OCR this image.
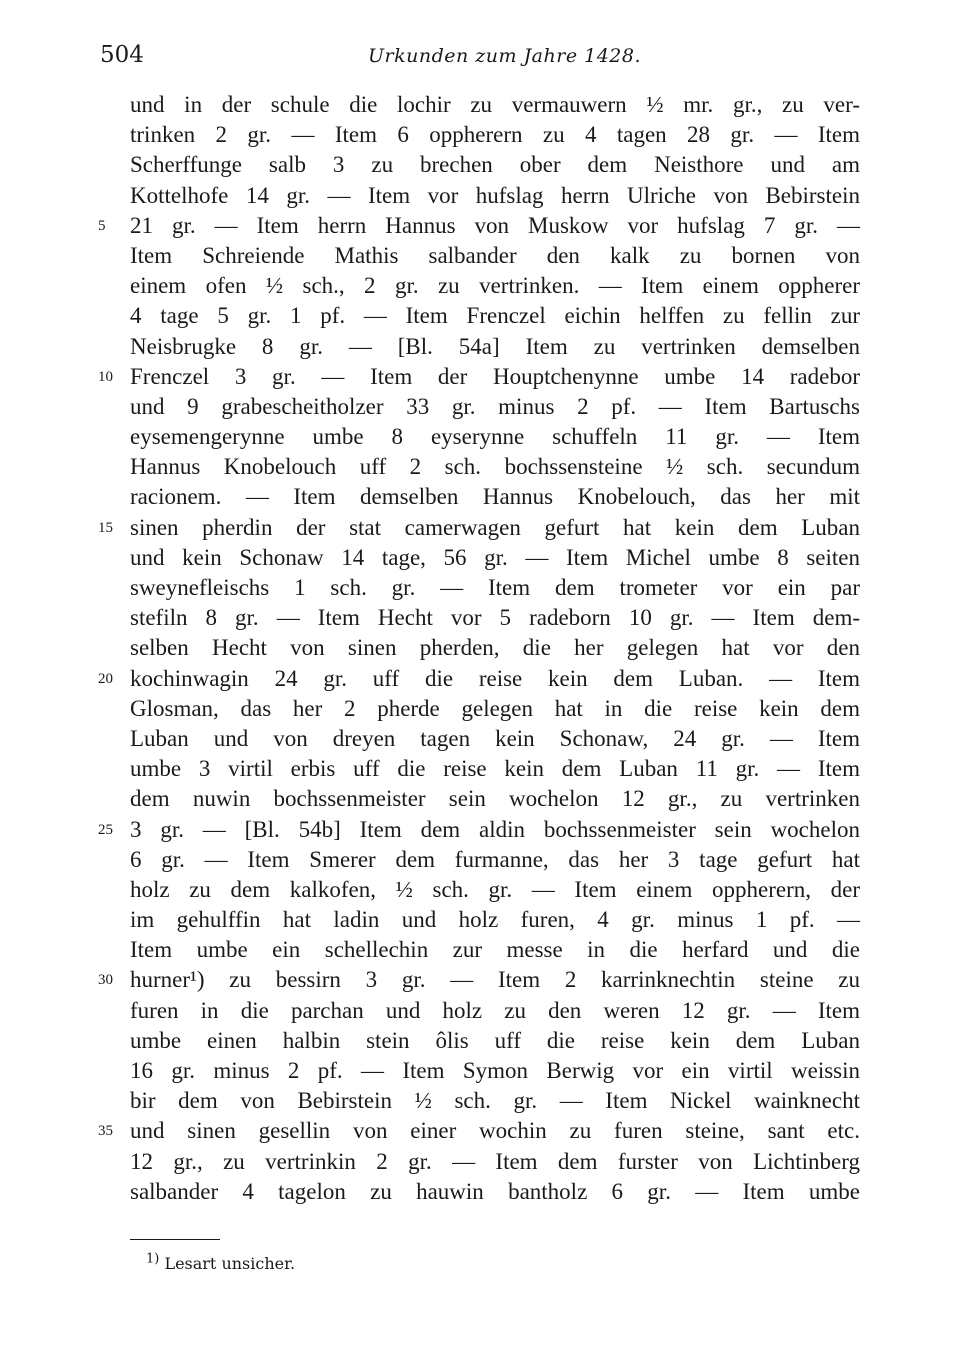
504	Urkunden zum Jahre 1428.
und in der schule die lochir zu vermauwern ½ mr. gr., zu ver-
trinken 2 gr. — Item 6 oppherern zu 4 tagen 28 gr. — Item
Scherffunge salb 3 zu brechen ober dem Neisthore und am
Kottelhofe 14 gr. — Item vor hufslag herrn Ulriche von Bebirstein
21 gr. — Item herrn Hannus von Muskow vor hufslag 7 gr. —
5
Item Schreiende Mathis salbander den kalk zu bornen von
einem ofen ½ sch., 2 gr. zu vertrinken. — Item einem oppherer
4 tage 5 gr. 1 pf. — Item Frenczel eichin helffen zu fellin zur
Neisbrugke 8 gr. — [Bl. 54a] Item zu vertrinken demselben
Frenczel 3 gr. — Item der Houptchenynne umbe 14 radebor
10
und 9 grabescheitholzer 33 gr. minus 2 pf. — Item Bartuschs
eysemengerynne umbe 8 eyserynne schuffeln 11 gr. — Item
Hannus Knobelouch uff 2 sch. bochssensteine ½ sch. secundum
racionem. — Item demselben Hannus Knobelouch, das her mit
sinen pherdin der stat camerwagen gefurt hat kein dem Luban
15
und kein Schonaw 14 tage, 56 gr. — Item Michel umbe 8 seiten
sweynefleischs 1 sch. gr. — Item dem trometer vor ein par
stefiln 8 gr. — Item Hecht vor 5 radeborn 10 gr. — Item dem-
selben Hecht von sinen pherden, die her gelegen hat vor den
kochinwagin 24 gr. uff die reise kein dem Luban. — Item
20
Glosman, das her 2 pherde gelegen hat in die reise kein dem
Luban und von dreyen tagen kein Schonaw, 24 gr. — Item
umbe 3 virtil erbis uff die reise kein dem Luban 11 gr. — Item
dem nuwin bochssenmeister sein wochelon 12 gr., zu vertrinken
3 gr. — [Bl. 54b] Item dem aldin bochssenmeister sein wochelon
25
6 gr. — Item Smerer dem furmanne, das her 3 tage gefurt hat
holz zu dem kalkofen, ½ sch. gr. — Item einem oppherern, der
im gehulffin hat ladin und holz furen, 4 gr. minus 1 pf. —
Item umbe ein schellechin zur messe in die herfard und die
hurner¹) zu bessirn 3 gr. — Item 2 karrinknechtin steine zu
30
furen in die parchan und holz zu den weren 12 gr. — Item
umbe einen halbin stein ôlis uff die reise kein dem Luban
16 gr. minus 2 pf. — Item Symon Berwig vor ein virtil weissin
bir dem von Bebirstein ½ sch. gr. — Item Nickel wainknecht
und sinen gesellin von einer wochin zu furen steine, sant etc.
35
12 gr., zu vertrinkin 2 gr. — Item dem furster von Lichtinberg
salbander 4 tagelon zu hauwin bantholz 6 gr. — Item umbe
$^{1)}$ Lesart unsicher.
